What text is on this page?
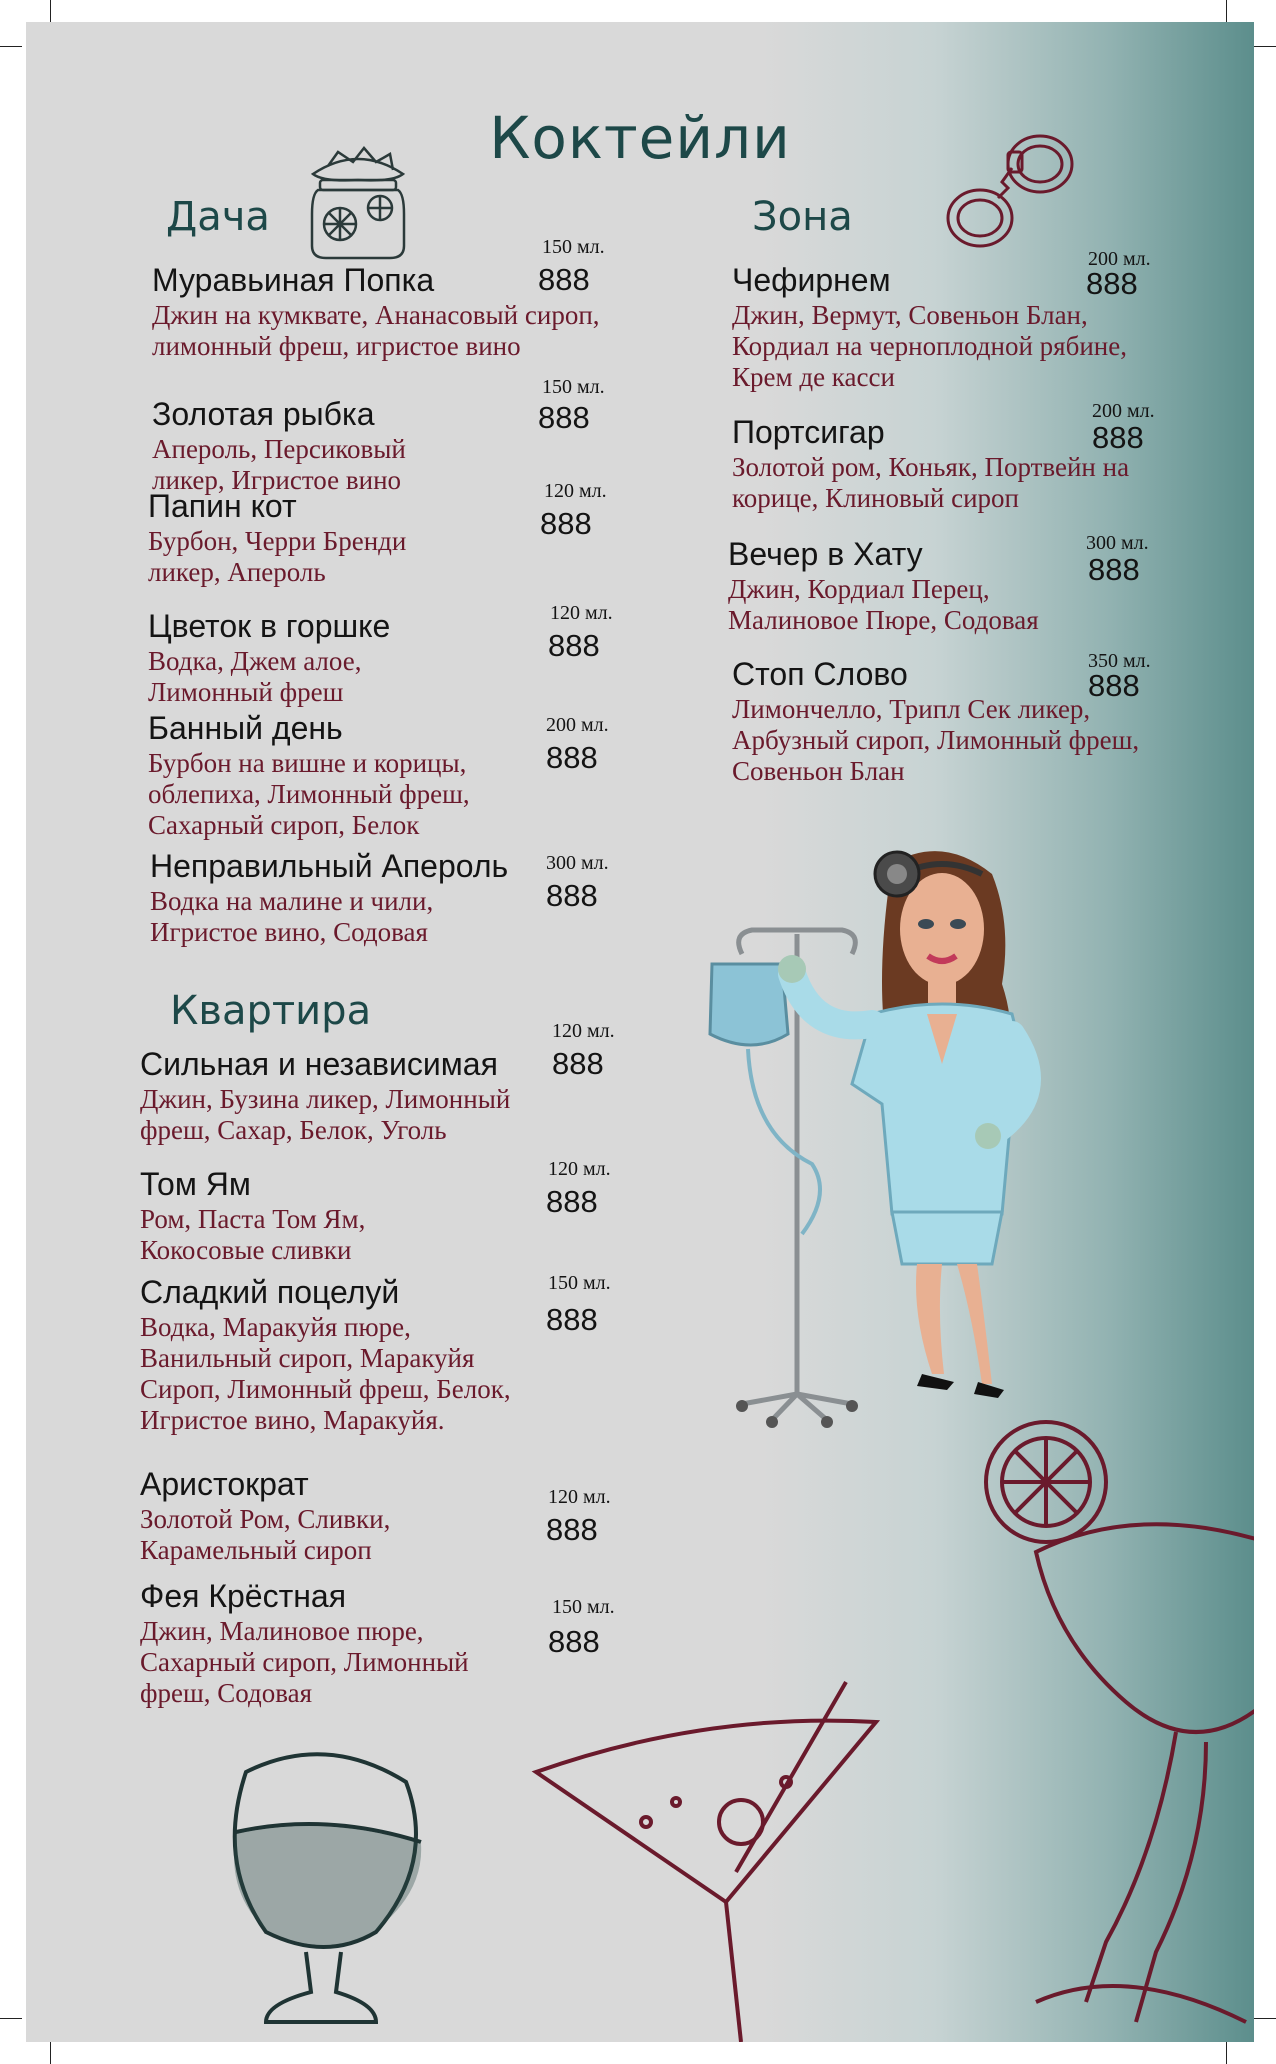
Коктейли
Дача	Зона
Квартира
Муравьиная Попка
Джин на кумквате, Ананасовый сироп, лимонный фреш, игристое вино
150 мл.
888
Золотая рыбка
Апероль, Персиковый ликер, Игристое вино
150 мл.
888
Папин кот
Бурбон, Черри Бренди ликер, Апероль
120 мл.
888
Цветок в горшке
Водка, Джем алое, Лимонный фреш
120 мл.
888
Банный день
Бурбон на вишне и корицы, облепиха, Лимонный фреш, Сахарный сироп, Белок
200 мл.
888
Неправильный Апероль
Водка на малине и чили, Игристое вино, Содовая
300 мл.
888
Чефирнем
Джин, Вермут, Совеньон Блан, Кордиал на черноплодной рябине, Крем де касси
200 мл.
888
Портсигар
Золотой ром, Коньяк, Портвейн на корице, Клиновый сироп
200 мл.
888
Вечер в Хату
Джин, Кордиал Перец, Малиновое Пюре, Содовая
300 мл.
888
Стоп Слово
Лимончелло, Трипл Сек ликер, Арбузный сироп, Лимонный фреш, Совеньон Блан
350 мл.
888
Сильная и независимая
Джин, Бузина ликер, Лимонный фреш, Сахар, Белок, Уголь
120 мл.
888
Том Ям
Ром, Паста Том Ям, Кокосовые сливки
120 мл.
888
Сладкий поцелуй
Водка, Маракуйя пюре, Ванильный сироп, Маракуйя Сироп, Лимонный фреш, Белок, Игристое вино, Маракуйя.
150 мл.
888
Аристократ
Золотой Ром, Сливки, Карамельный сироп
120 мл.
888
Фея Крёстная
Джин, Малиновое пюре, Сахарный сироп, Лимонный фреш, Содовая
150 мл.
888
